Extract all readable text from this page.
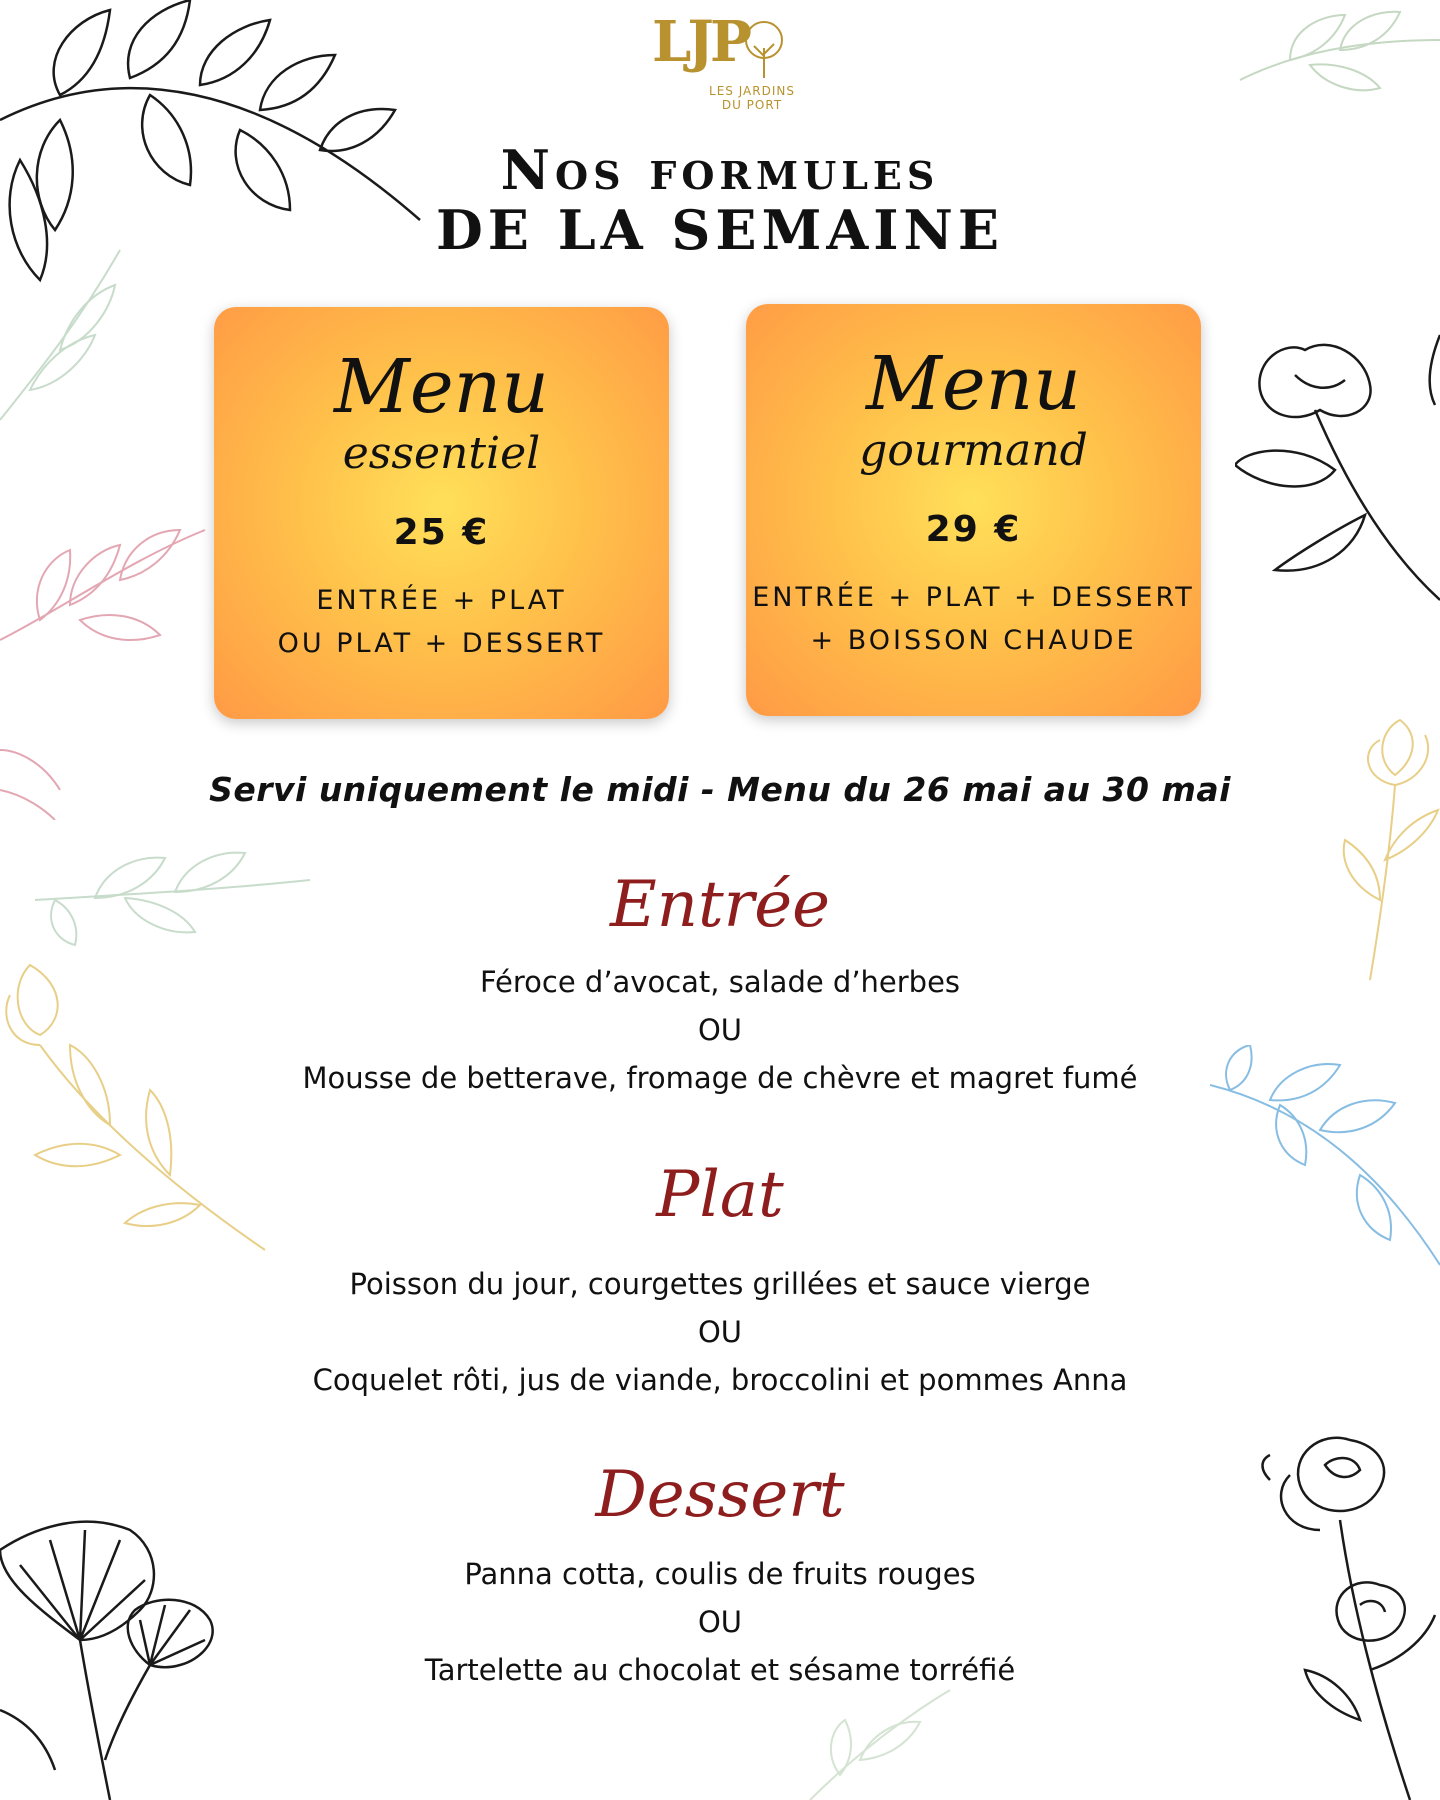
LJP
LES JARDINS
DU PORT
Nos formules
DE LA SEMAINE
Menu
essentiel
25 €
ENTRÉE + PLAT
OU PLAT + DESSERT
Menu
gourmand
29 €
ENTRÉE + PLAT + DESSERT
+ BOISSON CHAUDE
Servi uniquement le midi - Menu du 26 mai au 30 mai
Entrée
Féroce d’avocat, salade d’herbes
OU
Mousse de betterave, fromage de chèvre et magret fumé
Plat
Poisson du jour, courgettes grillées et sauce vierge
OU
Coquelet rôti, jus de viande, broccolini et pommes Anna
Dessert
Panna cotta, coulis de fruits rouges
OU
Tartelette au chocolat et sésame torréfié
